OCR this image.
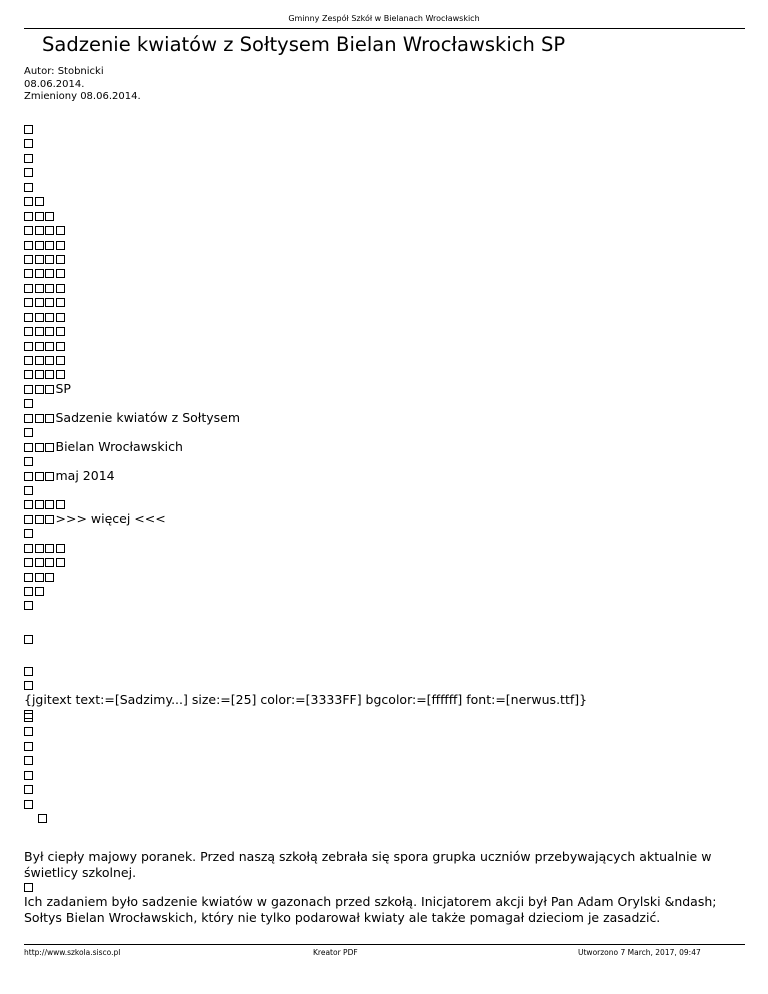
Gminny Zespół Szkół w Bielanach Wrocławskich
Sadzenie kwiatów z Sołtysem Bielan Wrocławskich SP
Autor: Stobnicki
08.06.2014.
Zmieniony 08.06.2014.
SP
Sadzenie kwiatów z Sołtysem
Bielan Wrocławskich
maj 2014
>>> więcej <<<
{jgitext text:=[Sadzimy...] size:=[25] color:=[3333FF] bgcolor:=[ffffff] font:=[nerwus.ttf]}
Był ciepły majowy poranek. Przed naszą szkołą zebrała się spora grupka uczniów przebywających aktualnie w świetlicy szkolnej.
Ich zadaniem było sadzenie kwiatów w gazonach przed szkołą. Inicjatorem akcji był Pan Adam Orylski &ndash; Sołtys Bielan Wrocławskich, który nie tylko podarował kwiaty ale także pomagał dzieciom je zasadzić.
http://www.szkola.sisco.pl	Kreator PDF	Utworzono 7 March, 2017, 09:47
